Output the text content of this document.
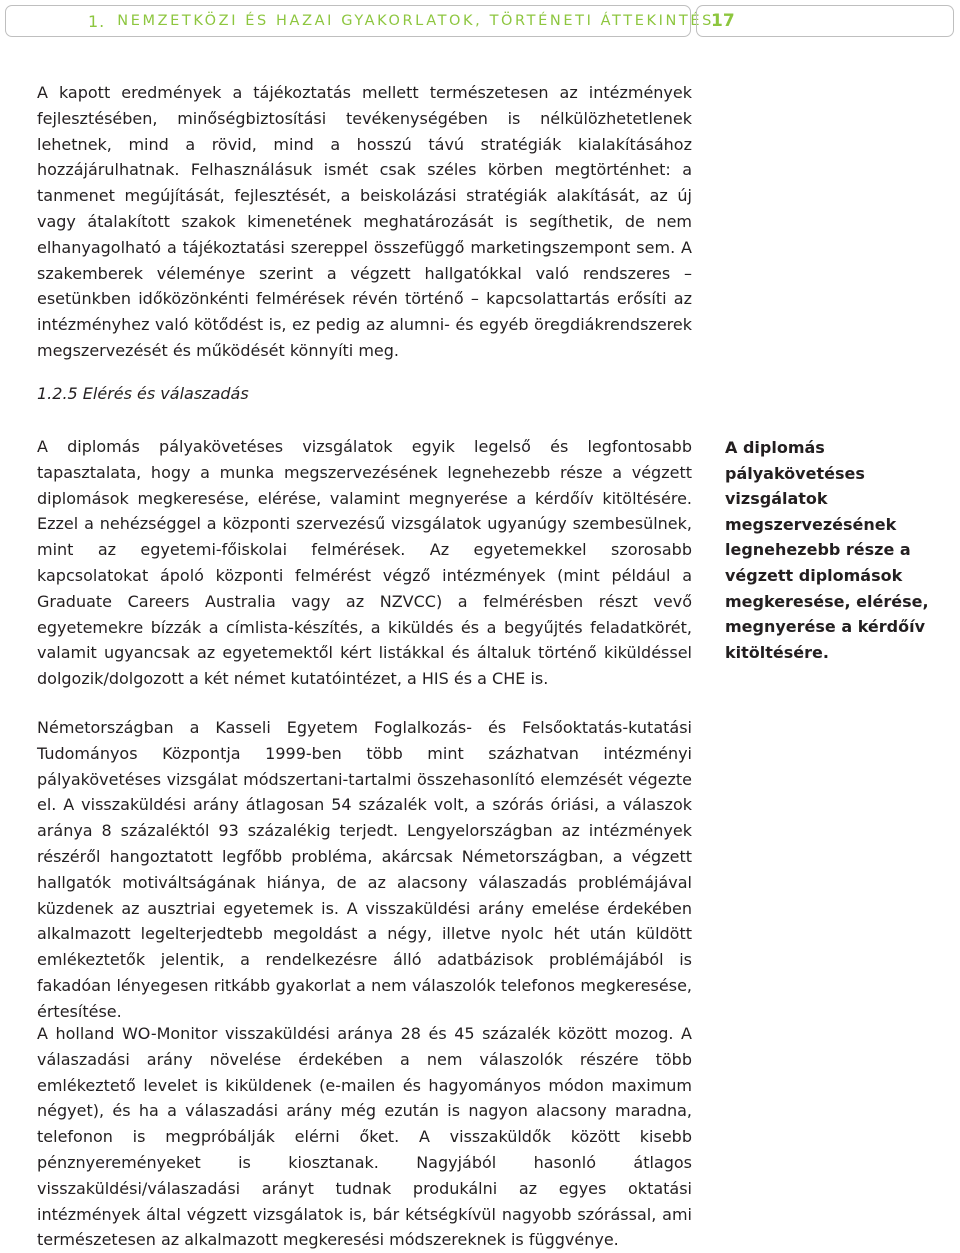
1. NEMZETKÖZI ÉS HAZAI GYAKORLATOK, TÖRTÉNETI ÁTTEKINTÉS
17

A kapott eredmények a tájékoztatás mellett természetesen az intézmények fejlesztésében, minőségbiztosítási tevékenységében is nélkülözhetetlenek lehetnek, mind a rövid, mind a hosszú távú stratégiák kialakításához hozzájárulhatnak. Felhasználásuk ismét csak széles körben megtörténhet: a tanmenet megújítását, fejlesztését, a beiskolázási stratégiák alakítását, az új vagy átalakított szakok kimenetének meghatározását is segíthetik, de nem elhanyagolható a tájékoztatási szereppel összefüggő marketingszempont sem. A szakemberek véleménye szerint a végzett hallgatókkal való rendszeres – esetünkben időközönkénti felmérések révén történő – kapcsolattartás erősíti az intézményhez való kötődést is, ez pedig az alumni- és egyéb öregdiákrendszerek megszervezését és működését könnyíti meg.

1.2.5 Elérés és válaszadás

A diplomás pályakövetéses vizsgálatok egyik legelső és legfontosabb tapasztalata, hogy a munka megszervezésének legnehezebb része a végzett diplomások megkeresése, elérése, valamint megnyerése a kérdőív kitöltésére. Ezzel a nehézséggel a központi szervezésű vizsgálatok ugyanúgy szembesülnek, mint az egyetemi-főiskolai felmérések. Az egyetemekkel szorosabb kapcsolatokat ápoló központi felmérést végző intézmények (mint például a Graduate Careers Australia vagy az NZVCC) a felmérésben részt vevő egyetemekre bízzák a címlista-készítés, a kiküldés és a begyűjtés feladatkörét, valamit ugyancsak az egyetemektől kért listákkal és általuk történő kiküldéssel dolgozik/dolgozott a két német kutatóintézet, a HIS és a CHE is.

Németországban a Kasseli Egyetem Foglalkozás- és Felsőoktatás-kutatási Tudományos Központja 1999-ben több mint százhatvan intézményi pályakövetéses vizsgálat módszertani-tartalmi összehasonlító elemzését végezte el. A visszaküldési arány átlagosan 54 százalék volt, a szórás óriási, a válaszok aránya 8 százaléktól 93 százalékig terjedt. Lengyelországban az intézmények részéről hangoztatott legfőbb probléma, akárcsak Németországban, a végzett hallgatók motiváltságának hiánya, de az alacsony válaszadás problémájával küzdenek az ausztriai egyetemek is. A visszaküldési arány emelése érdekében alkalmazott legelterjedtebb megoldást a négy, illetve nyolc hét után küldött emlékeztetők jelentik, a rendelkezésre álló adatbázisok problémájából is fakadóan lényegesen ritkább gyakorlat a nem válaszolók telefonos megkeresése, értesítése.

A holland WO-Monitor visszaküldési aránya 28 és 45 százalék között mozog. A válaszadási arány növelése érdekében a nem válaszolók részére több emlékeztető levelet is kiküldenek (e-mailen és hagyományos módon maximum négyet), és ha a válaszadási arány még ezután is nagyon alacsony maradna, telefonon is megpróbálják elérni őket. A visszaküldők között kisebb pénznyereményeket is kiosztanak. Nagyjából hasonló átlagos visszaküldési/válaszadási arányt tudnak produkálni az egyes oktatási intézmények által végzett vizsgálatok is, bár kétségkívül nagyobb szórással, ami természetesen az alkalmazott megkeresési módszereknek is függvénye.

A diplomás pályakövetéses vizsgálatok megszervezésének legnehezebb része a végzett diplomások megkeresése, elérése, megnyerése a kérdőív kitöltésére.
